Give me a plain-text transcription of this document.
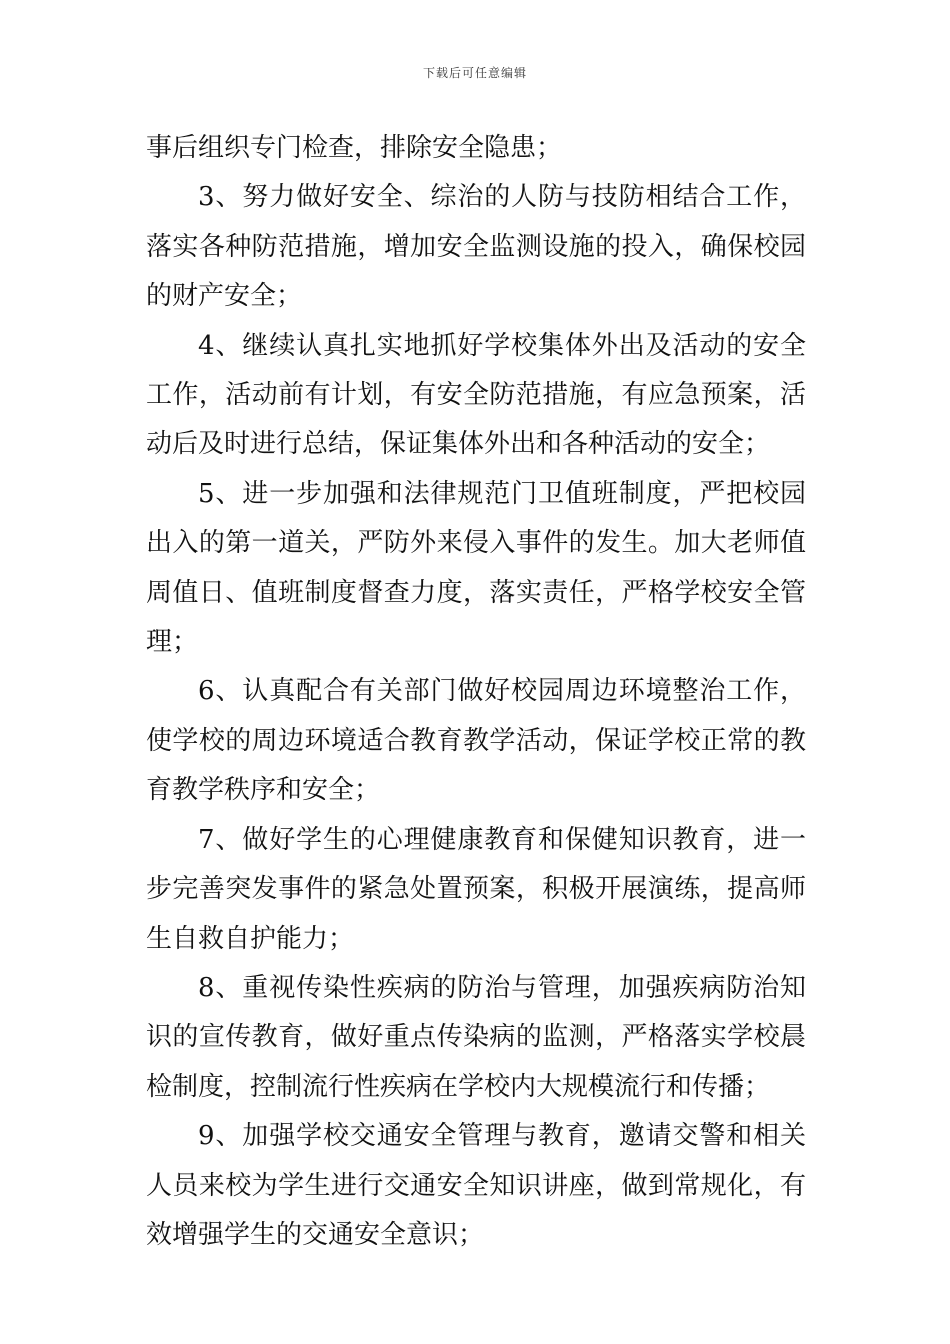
下载后可任意编辑

事后组织专门检查，排除安全隐患；

3、努力做好安全、综治的人防与技防相结合工作，落实各种防范措施，增加安全监测设施的投入，确保校园的财产安全；

4、继续认真扎实地抓好学校集体外出及活动的安全工作，活动前有计划，有安全防范措施，有应急预案，活动后及时进行总结，保证集体外出和各种活动的安全；

5、进一步加强和法律规范门卫值班制度，严把校园出入的第一道关，严防外来侵入事件的发生。加大老师值周值日、值班制度督查力度，落实责任，严格学校安全管理；

6、认真配合有关部门做好校园周边环境整治工作，使学校的周边环境适合教育教学活动，保证学校正常的教育教学秩序和安全；

7、做好学生的心理健康教育和保健知识教育，进一步完善突发事件的紧急处置预案，积极开展演练，提高师生自救自护能力；

8、重视传染性疾病的防治与管理，加强疾病防治知识的宣传教育，做好重点传染病的监测，严格落实学校晨检制度，控制流行性疾病在学校内大规模流行和传播；

9、加强学校交通安全管理与教育，邀请交警和相关人员来校为学生进行交通安全知识讲座，做到常规化，有效增强学生的交通安全意识；
